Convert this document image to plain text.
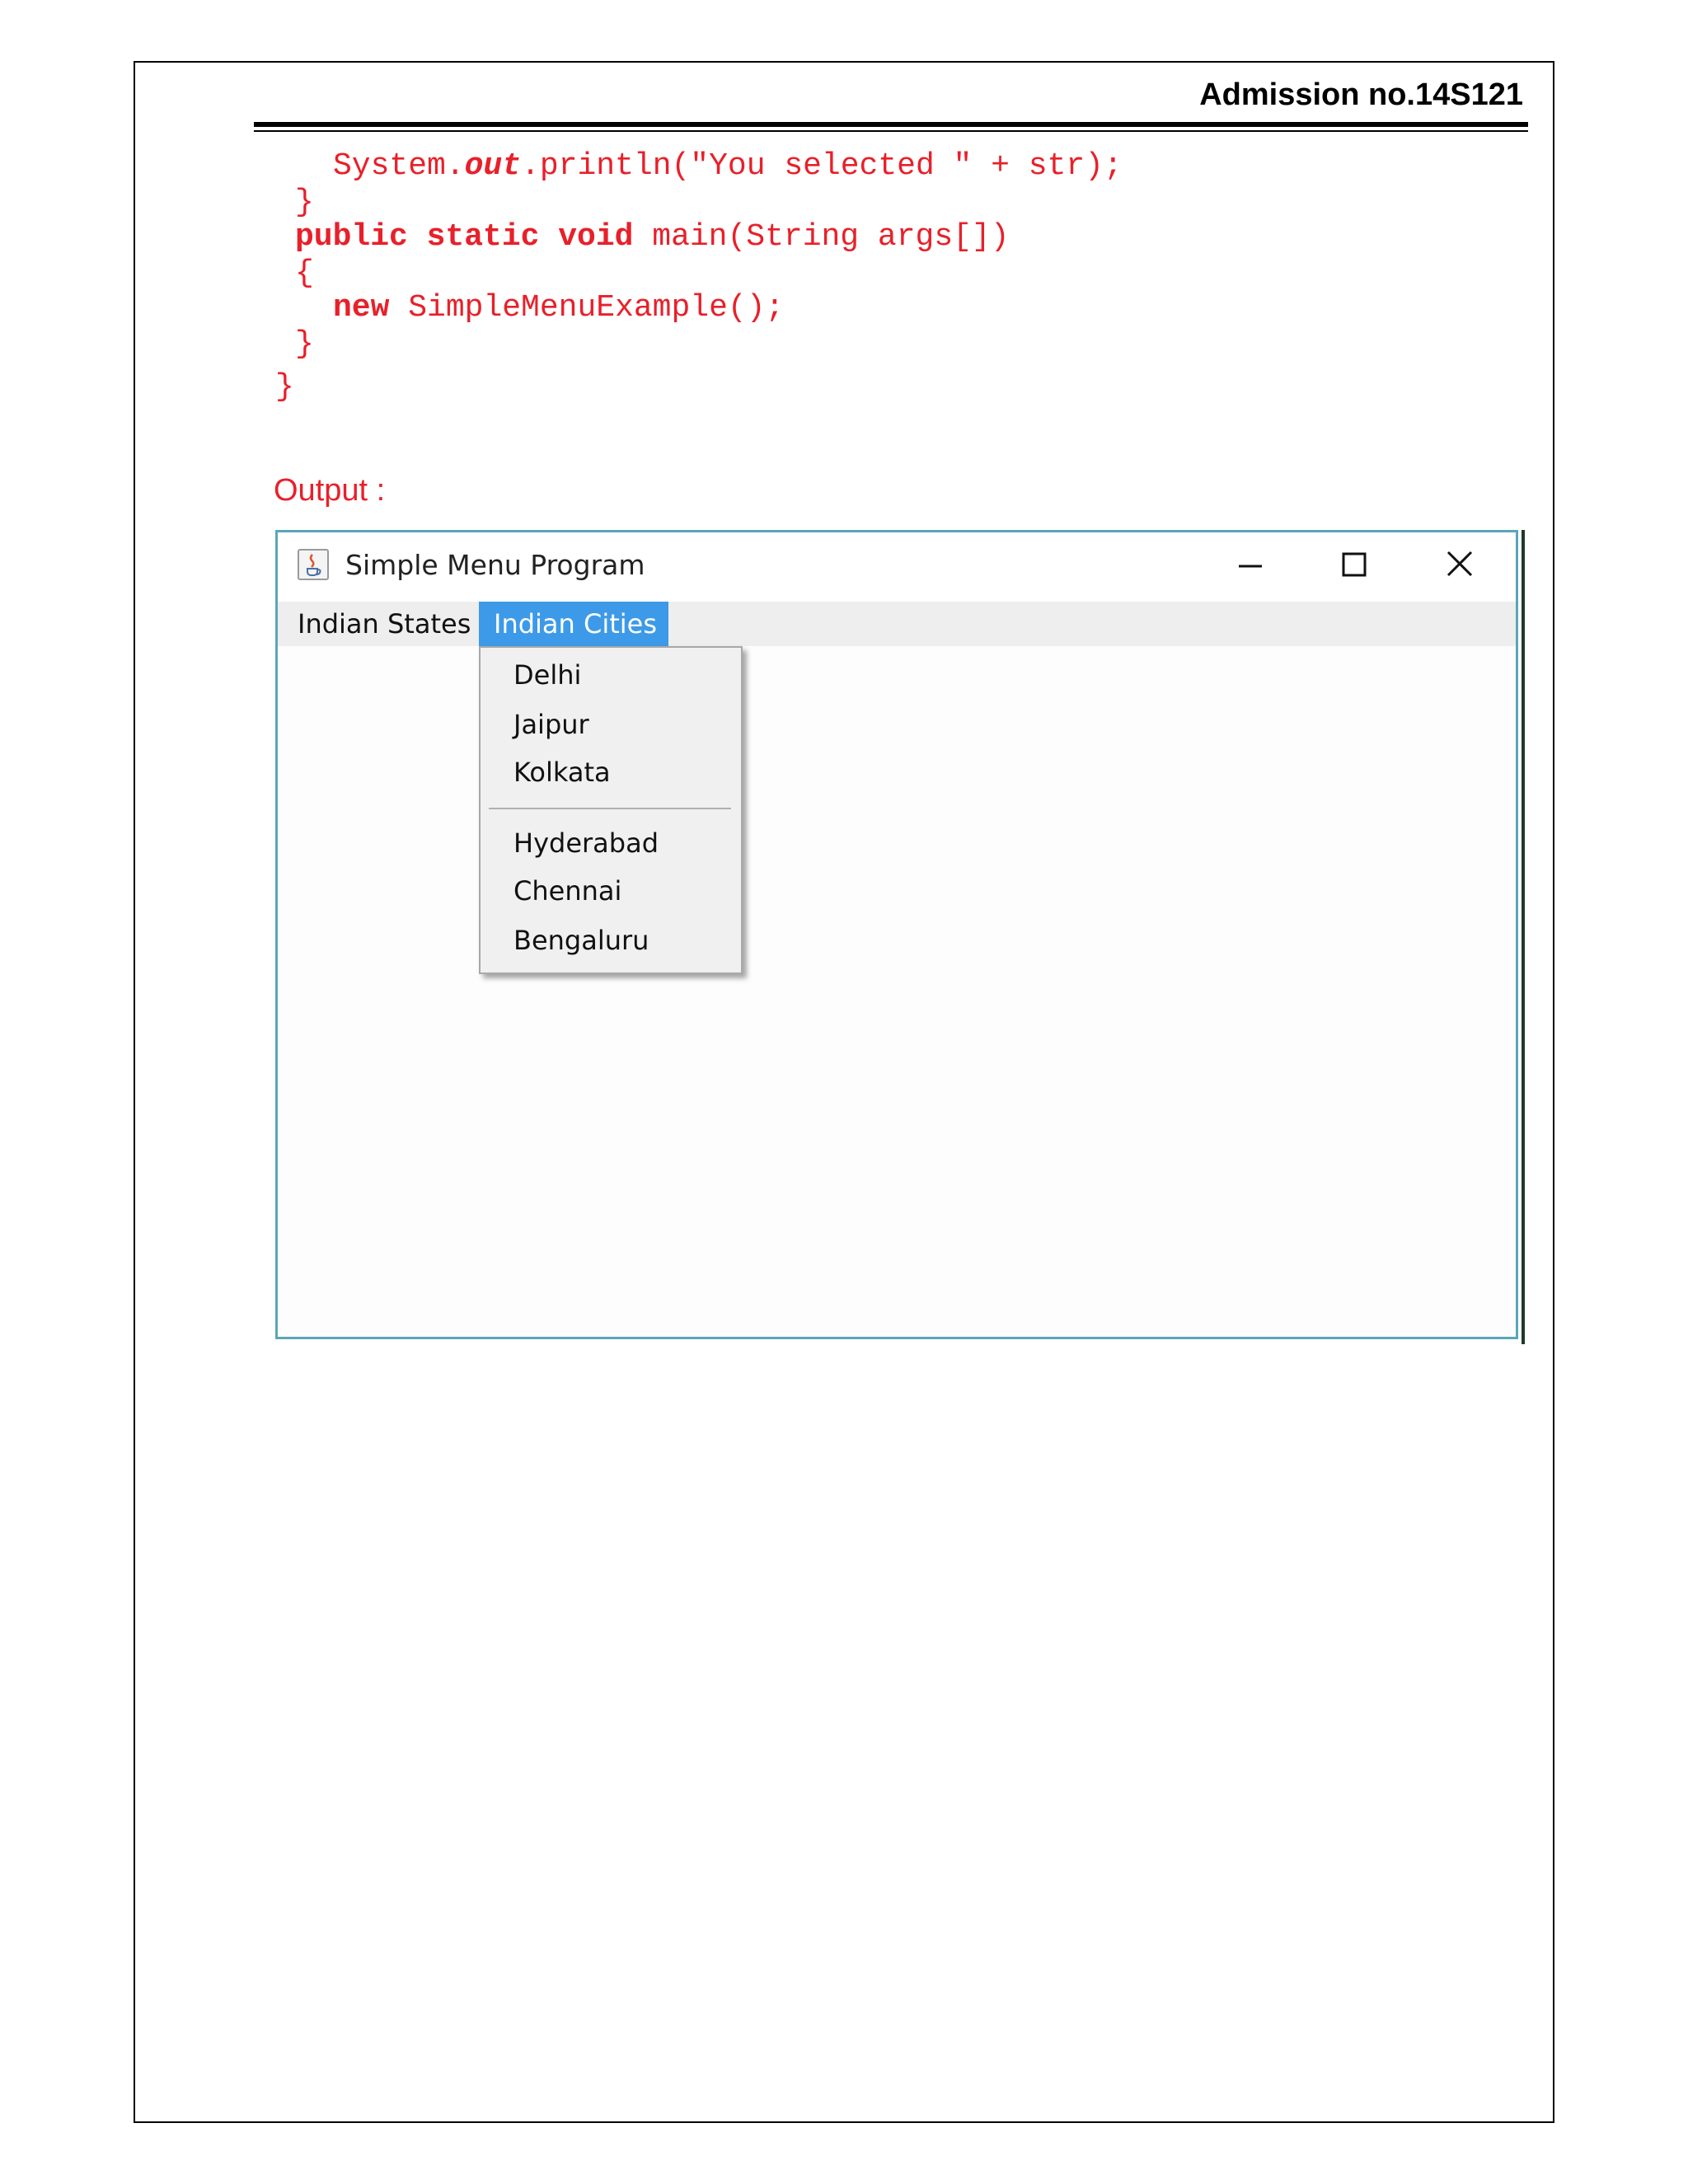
Admission no.14S121
System.out.println("You selected " + str);
}
public static void main(String args[])
{
new SimpleMenuExample();
}
}
Output :
Simple Menu Program
Indian States Indian Cities
Delhi
Jaipur
Kolkata
Hyderabad
Chennai
Bengaluru
